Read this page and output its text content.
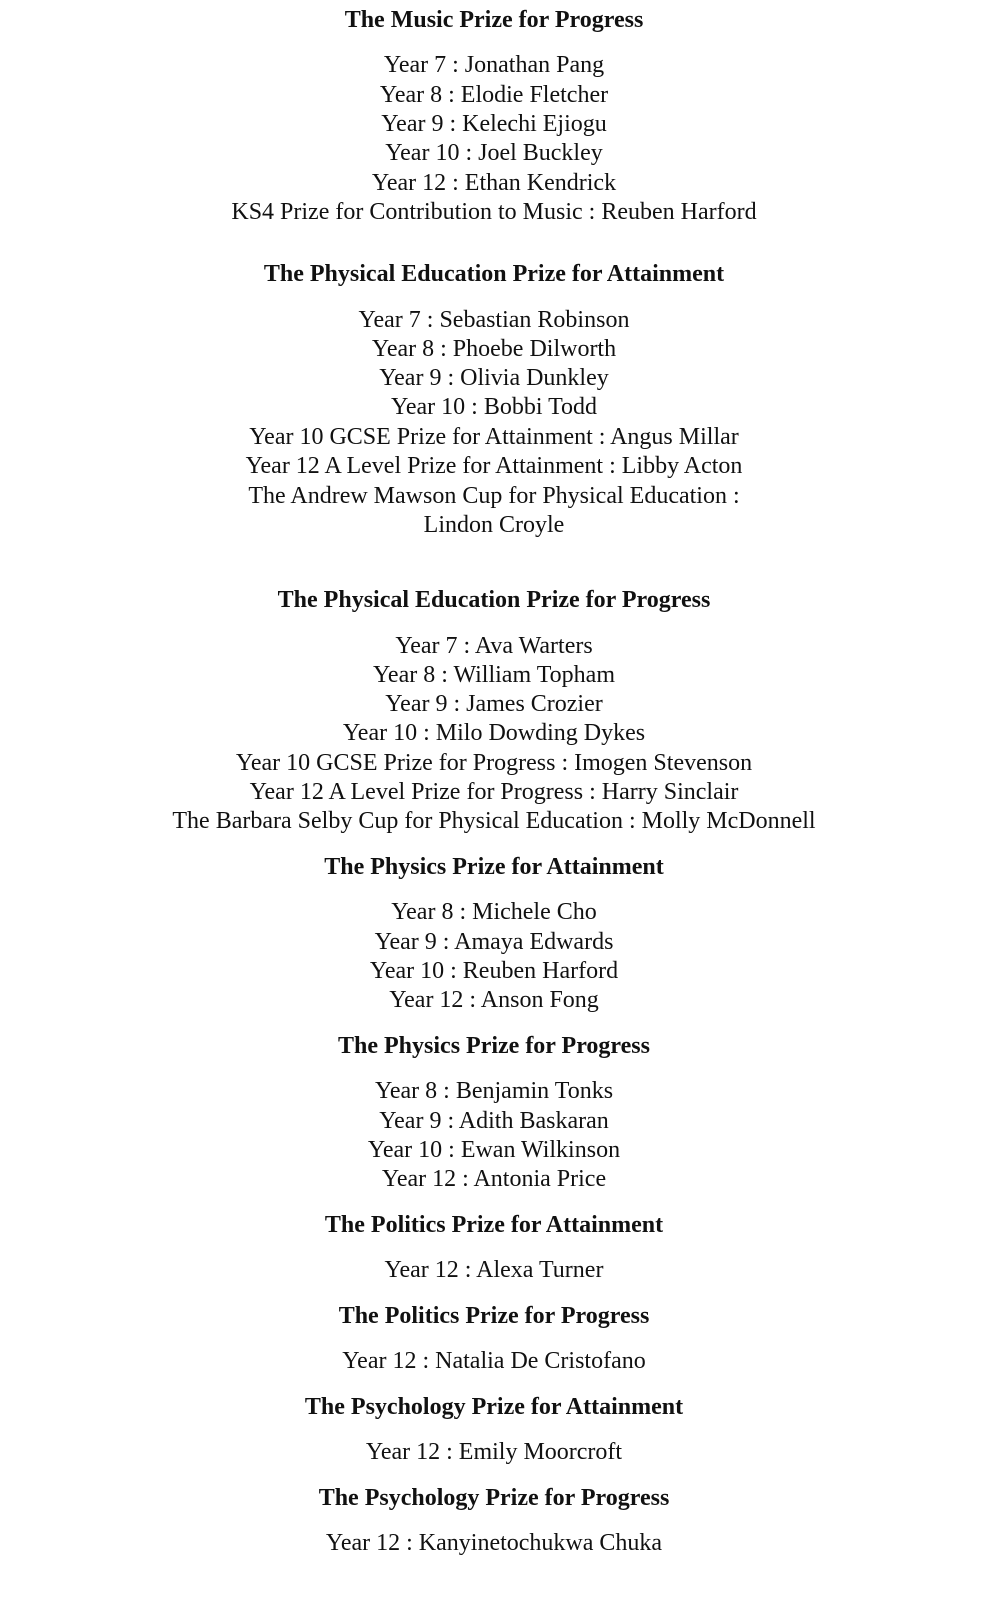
The Music Prize for Progress
Year 7 : Jonathan Pang
Year 8 : Elodie Fletcher
Year 9 : Kelechi Ejiogu
Year 10 : Joel Buckley
Year 12 : Ethan Kendrick
KS4 Prize for Contribution to Music : Reuben Harford
The Physical Education Prize for Attainment
Year 7 : Sebastian Robinson
Year 8 : Phoebe Dilworth
Year 9 : Olivia Dunkley
Year 10 : Bobbi Todd
Year 10 GCSE Prize for Attainment : Angus Millar
Year 12 A Level Prize for Attainment : Libby Acton
The Andrew Mawson Cup for Physical Education :
Lindon Croyle
The Physical Education Prize for Progress
Year 7 : Ava Warters
Year 8 : William Topham
Year 9 : James Crozier
Year 10 : Milo Dowding Dykes
Year 10 GCSE Prize for Progress : Imogen Stevenson
Year 12 A Level Prize for Progress : Harry Sinclair
The Barbara Selby Cup for Physical Education : Molly McDonnell
The Physics Prize for Attainment
Year 8 : Michele Cho
Year 9 : Amaya Edwards
Year 10 : Reuben Harford
Year 12 : Anson Fong
The Physics Prize for Progress
Year 8 : Benjamin Tonks
Year 9 : Adith Baskaran
Year 10 : Ewan Wilkinson
Year 12 : Antonia Price
The Politics Prize for Attainment
Year 12 : Alexa Turner
The Politics Prize for Progress
Year 12 : Natalia De Cristofano
The Psychology Prize for Attainment
Year 12 : Emily Moorcroft
The Psychology Prize for Progress
Year 12 : Kanyinetochukwa Chuka
